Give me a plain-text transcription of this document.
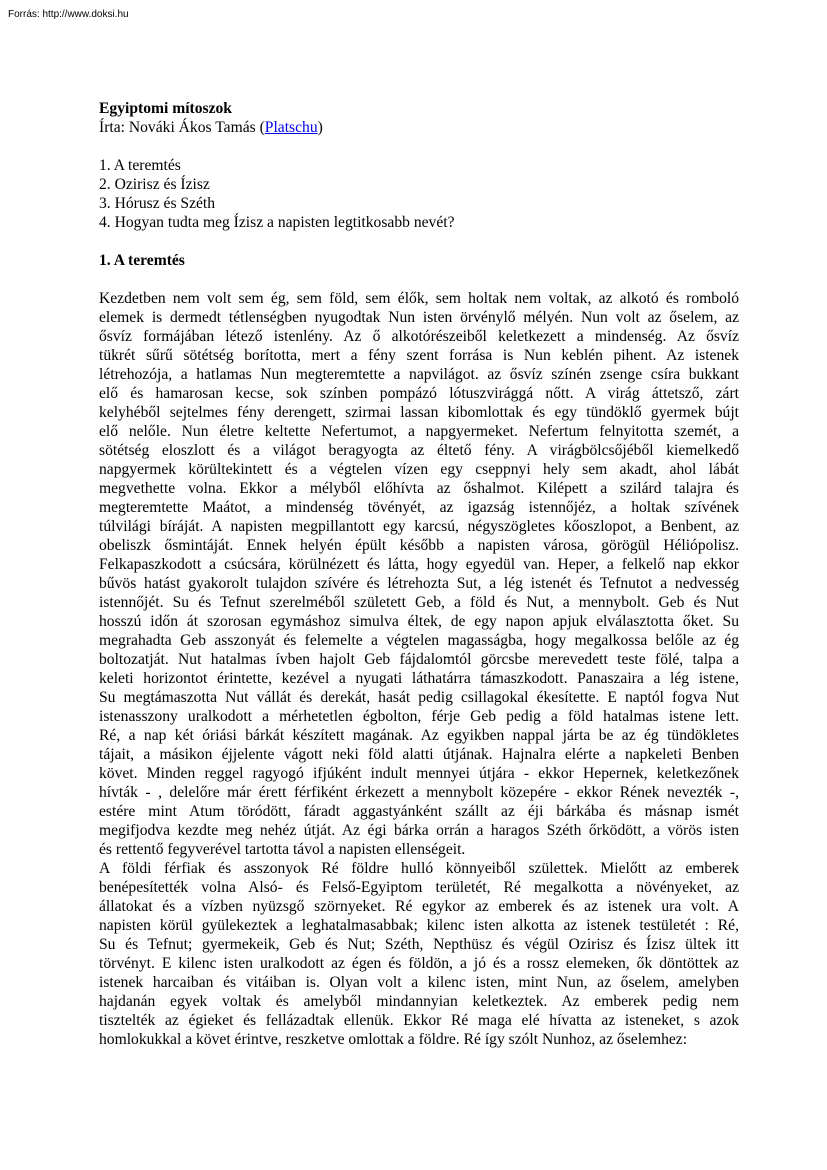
Forrás: http://www.doksi.hu

Egyiptomi mítoszok

Írta: Nováki Ákos Tamás (Platschu)

1. A teremtés
2. Ozirisz és Ízisz
3. Hórusz és Széth
4. Hogyan tudta meg Ízisz a napisten legtitkosabb nevét?

1. A teremtés

Kezdetben nem volt sem ég, sem föld, sem élők, sem holtak nem voltak, az alkotó és romboló
elemek is dermedt tétlenségben nyugodtak Nun isten örvénylő mélyén. Nun volt az őselem, az
ősvíz formájában létező istenlény. Az ő alkotórészeiből keletkezett a mindenség. Az ősvíz
tükrét sűrű sötétség borította, mert a fény szent forrása is Nun keblén pihent. Az istenek
létrehozója, a hatlamas Nun megteremtette a napvilágot. az ősvíz színén zsenge csíra bukkant
elő és hamarosan kecse, sok színben pompázó lótuszvirággá nőtt. A virág áttetsző, zárt
kelyhéből sejtelmes fény derengett, szirmai lassan kibomlottak és egy tündöklő gyermek bújt
elő nelőle. Nun életre keltette Nefertumot, a napgyermeket. Nefertum felnyitotta szemét, a
sötétség eloszlott és a világot beragyogta az éltető fény. A virágbölcsőjéből kiemelkedő
napgyermek körültekintett és a végtelen vízen egy cseppnyi hely sem akadt, ahol lábát
megvethette volna. Ekkor a mélyből előhívta az őshalmot. Kilépett a szilárd talajra és
megteremtette Maátot, a mindenség tövényét, az igazság istennőjéz, a holtak szívének
túlvilági bíráját. A napisten megpillantott egy karcsú, négyszögletes kőoszlopot, a Benbent, az
obeliszk ősmintáját. Ennek helyén épült később a napisten városa, görögül Héliópolisz.
Felkapaszkodott a csúcsára, körülnézett és látta, hogy egyedül van. Heper, a felkelő nap ekkor
bűvös hatást gyakorolt tulajdon szívére és létrehozta Sut, a lég istenét és Tefnutot a nedvesség
istennőjét. Su és Tefnut szerelméből született Geb, a föld és Nut, a mennybolt. Geb és Nut
hosszú időn át szorosan egymáshoz simulva éltek, de egy napon apjuk elválasztotta őket. Su
megrahadta Geb asszonyát és felemelte a végtelen magasságba, hogy megalkossa belőle az ég
boltozatját. Nut hatalmas ívben hajolt Geb fájdalomtól görcsbe merevedett teste fölé, talpa a
keleti horizontot érintette, kezével a nyugati láthatárra támaszkodott. Panaszaira a lég istene,
Su megtámaszotta Nut vállát és derekát, hasát pedig csillagokal ékesítette. E naptól fogva Nut
istenasszony uralkodott a mérhetetlen égbolton, férje Geb pedig a föld hatalmas istene lett.
Ré, a nap két óriási bárkát készített magának. Az egyikben nappal járta be az ég tündökletes
tájait, a másikon éjjelente vágott neki föld alatti útjának. Hajnalra elérte a napkeleti Benben
követ. Minden reggel ragyogó ifjúként indult mennyei útjára - ekkor Hepernek, keletkezőnek
hívták - , delelőre már érett férfiként érkezett a mennybolt közepére - ekkor Rének nevezték -,
estére mint Atum töródött, fáradt aggastyánként szállt az éji bárkába és másnap ismét
megifjodva kezdte meg nehéz útját. Az égi bárka orrán a haragos Széth őrködött, a vörös isten
és rettentő fegyverével tartotta távol a napisten ellenségeit.
A földi férfiak és asszonyok Ré földre hulló könnyeiből születtek. Mielőtt az emberek
benépesítették volna Alsó- és Felső-Egyiptom területét, Ré megalkotta a növényeket, az
állatokat és a vízben nyüzsgő szörnyeket. Ré egykor az emberek és az istenek ura volt. A
napisten körül gyülekeztek a leghatalmasabbak; kilenc isten alkotta az istenek testületét : Ré,
Su és Tefnut; gyermekeik, Geb és Nut; Széth, Nepthüsz és végül Ozirisz és Ízisz ültek itt
törvényt. E kilenc isten uralkodott az égen és földön, a jó és a rossz elemeken, ők döntöttek az
istenek harcaiban és vitáiban is. Olyan volt a kilenc isten, mint Nun, az őselem, amelyben
hajdanán egyek voltak és amelyből mindannyian keletkeztek. Az emberek pedig nem
tisztelték az égieket és fellázadtak ellenük. Ekkor Ré maga elé hívatta az isteneket, s azok
homlokukkal a követ érintve, reszketve omlottak a földre. Ré így szólt Nunhoz, az őselemhez:
